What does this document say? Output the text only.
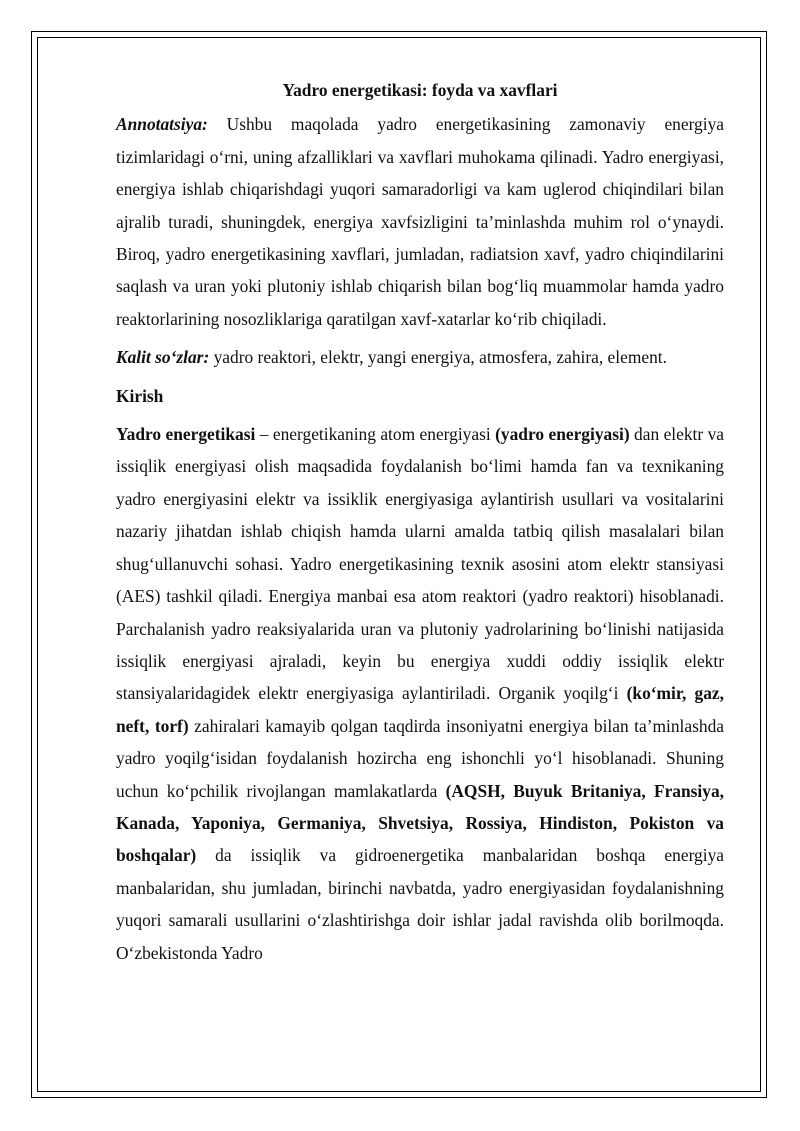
Yadro energetikasi: foyda va xavflari

Annotatsiya: Ushbu maqolada yadro energetikasining zamonaviy energiya tizimlaridagi o‘rni, uning afzalliklari va xavflari muhokama qilinadi. Yadro energiyasi, energiya ishlab chiqarishdagi yuqori samaradorligi va kam uglerod chiqindilari bilan ajralib turadi, shuningdek, energiya xavfsizligini ta’minlashda muhim rol o‘ynaydi. Biroq, yadro energetikasining xavflari, jumladan, radiatsion xavf, yadro chiqindilarini saqlash va uran yoki plutoniy ishlab chiqarish bilan bog‘liq muammolar hamda yadro reaktorlarining nosozliklariga qaratilgan xavf-xatarlar ko‘rib chiqiladi.

Kalit so‘zlar: yadro reaktori, elektr, yangi energiya, atmosfera, zahira, element.

Kirish

Yadro energetikasi – energetikaning atom energiyasi (yadro energiyasi) dan elektr va issiqlik energiyasi olish maqsadida foydalanish bo‘limi hamda fan va texnikaning yadro energiyasini elektr va issiklik energiyasiga aylantirish usullari va vositalarini nazariy jihatdan ishlab chiqish hamda ularni amalda tatbiq qilish masalalari bilan shug‘ullanuvchi sohasi. Yadro energetikasining texnik asosini atom elektr stansiyasi (AES) tashkil qiladi. Energiya manbai esa atom reaktori (yadro reaktori) hisoblanadi. Parchalanish yadro reaksiyalarida uran va plutoniy yadrolarining bo‘linishi natijasida issiqlik energiyasi ajraladi, keyin bu energiya xuddi oddiy issiqlik elektr stansiyalaridagidek elektr energiyasiga aylantiriladi. Organik yoqilg‘i (ko‘mir, gaz, neft, torf) zahiralari kamayib qolgan taqdirda insoniyatni energiya bilan ta’minlashda yadro yoqilg‘isidan foydalanish hozircha eng ishonchli yo‘l hisoblanadi. Shuning uchun ko‘pchilik rivojlangan mamlakatlarda (AQSH, Buyuk Britaniya, Fransiya, Kanada, Yaponiya, Germaniya, Shvetsiya, Rossiya, Hindiston, Pokiston va boshqalar) da issiqlik va gidroenergetika manbalaridan boshqa energiya manbalaridan, shu jumladan, birinchi navbatda, yadro energiyasidan foydalanishning yuqori samarali usullarini o‘zlashtirishga doir ishlar jadal ravishda olib borilmoqda. O‘zbekistonda Yadro
